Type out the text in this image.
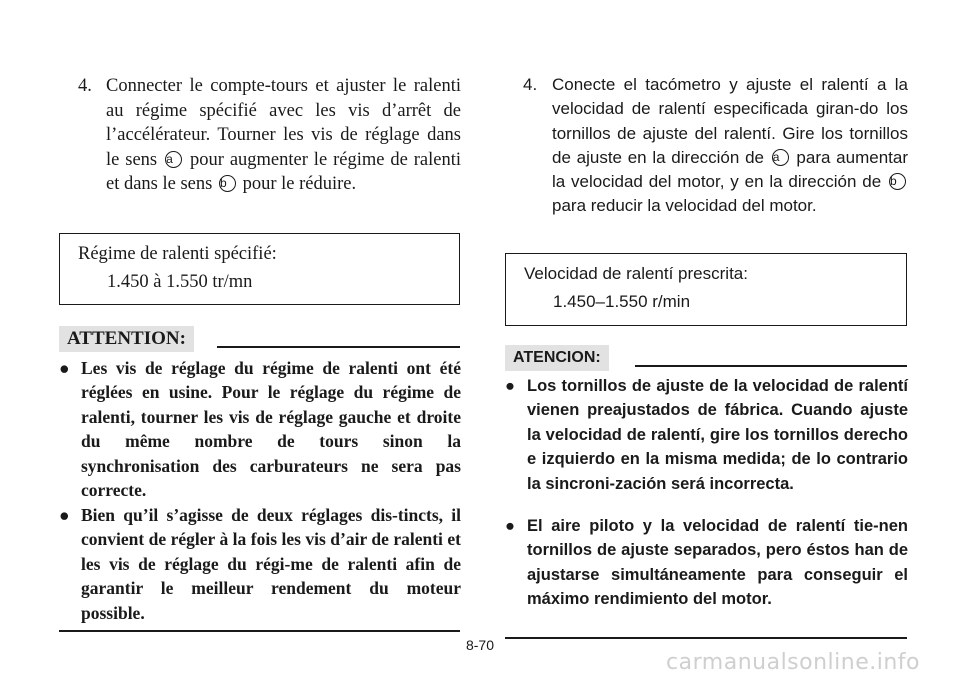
4. Connecter le compte-tours et ajuster le ralenti au régime spécifié avec les vis d’arrêt de l’accélérateur. Tourner les vis de réglage dans le sens a pour augmenter le régime de ralenti et dans le sens b pour le réduire.
Régime de ralenti spécifié:
1.450 à 1.550 tr/mn
ATTENTION:
● Les vis de réglage du régime de ralenti ont été réglées en usine. Pour le réglage du régime de ralenti, tourner les vis de réglage gauche et droite du même nombre de tours sinon la synchronisation des carburateurs ne sera pas correcte.
● Bien qu’il s’agisse de deux réglages dis-tincts, il convient de régler à la fois les vis d’air de ralenti et les vis de réglage du régi-me de ralenti afin de garantir le meilleur rendement du moteur possible.
4. Conecte el tacómetro y ajuste el ralentí a la velocidad de ralentí especificada giran-do los tornillos de ajuste del ralentí. Gire los tornillos de ajuste en la dirección de a para aumentar la velocidad del motor, y en la dirección de b para reducir la velocidad del motor.
Velocidad de ralentí prescrita:
1.450–1.550 r/min
ATENCION:
● Los tornillos de ajuste de la velocidad de ralentí vienen preajustados de fábrica. Cuando ajuste la velocidad de ralentí, gire los tornillos derecho e izquierdo en la misma medida; de lo contrario la sincroni-zación será incorrecta.
● El aire piloto y la velocidad de ralentí tie-nen tornillos de ajuste separados, pero éstos han de ajustarse simultáneamente para conseguir el máximo rendimiento del motor.
8-70
carmanualsonline.info
